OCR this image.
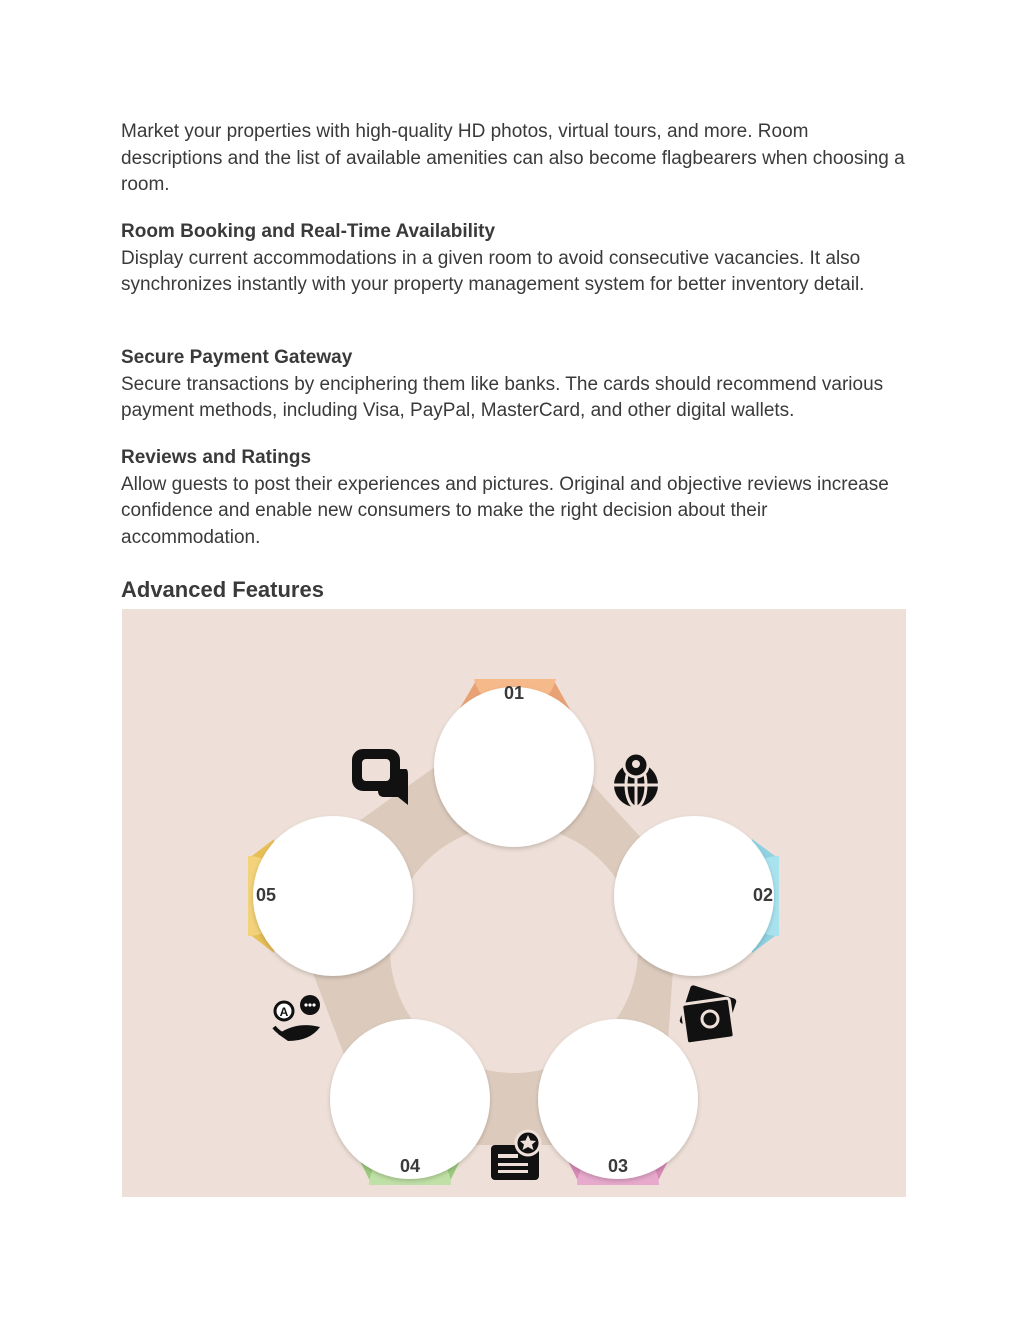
Market your properties with high-quality HD photos, virtual tours, and more. Room descriptions and the list of available amenities can also become flagbearers when choosing a room.

Room Booking and Real-Time Availability

Display current accommodations in a given room to avoid consecutive vacancies. It also synchronizes instantly with your property management system for better inventory detail.

Secure Payment Gateway

Secure transactions by enciphering them like banks. The cards should recommend various payment methods, including Visa, PayPal, MasterCard, and other digital wallets.

Reviews and Ratings

Allow guests to post their experiences and pictures. Original and objective reviews increase confidence and enable new consumers to make the right decision about their accommodation.

Advanced Features
A
01
02
03
04
05
